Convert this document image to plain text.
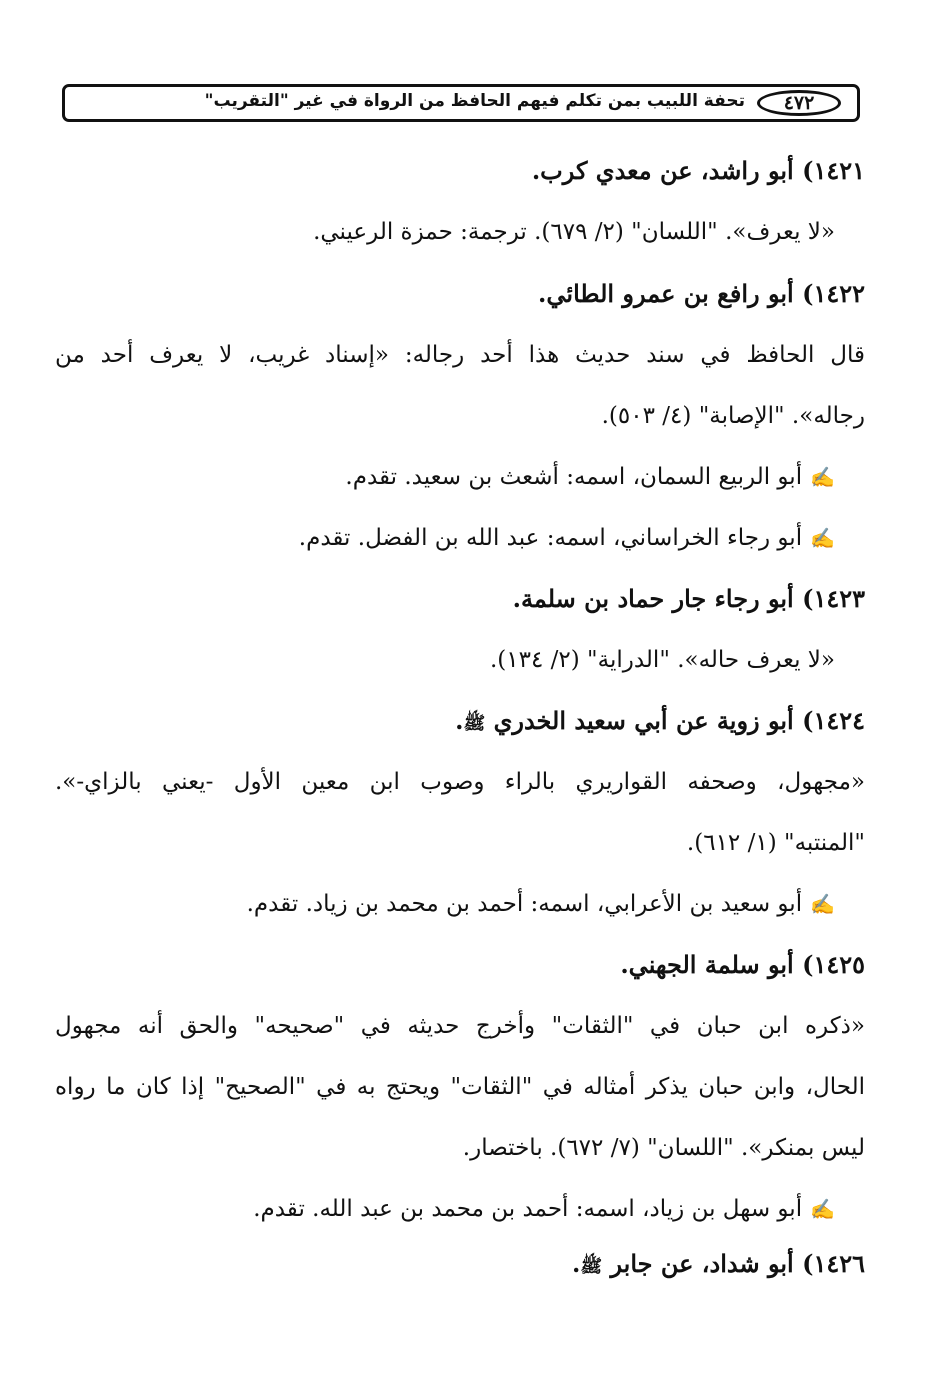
٤٧٢
تحفة اللبيب بمن تكلم فيهم الحافظ من الرواة في غير "التقريب"
١٤٢١) أبو راشد، عن معدي كرب.
«لا يعرف». "اللسان" (٢/ ٦٧٩). ترجمة: حمزة الرعيني.
١٤٢٢) أبو رافع بن عمرو الطائي.
قال الحافظ في سند حديث هذا أحد رجاله: «إسناد غريب، لا يعرف أحد من
رجاله». "الإصابة" (٤/ ٥٠٣).
✍أبو الربيع السمان، اسمه: أشعث بن سعيد. تقدم.
✍أبو رجاء الخراساني، اسمه: عبد الله بن الفضل. تقدم.
١٤٢٣) أبو رجاء جار حماد بن سلمة.
«لا يعرف حاله». "الدراية" (٢/ ١٣٤).
١٤٢٤) أبو زوية عن أبي سعيد الخدري ﷺ.
«مجهول، وصحفه القواريري بالراء وصوب ابن معين الأول -يعني بالزاي-».
"المنتبه" (١/ ٦١٢).
✍أبو سعيد بن الأعرابي، اسمه: أحمد بن محمد بن زياد. تقدم.
١٤٢٥) أبو سلمة الجهني.
«ذكره ابن حبان في "الثقات" وأخرج حديثه في "صحيحه" والحق أنه مجهول
الحال، وابن حبان يذكر أمثاله في "الثقات" ويحتج به في "الصحيح" إذا كان ما رواه
ليس بمنكر». "اللسان" (٧/ ٦٧٢). باختصار.
✍أبو سهل بن زياد، اسمه: أحمد بن محمد بن عبد الله. تقدم.
١٤٢٦) أبو شداد، عن جابر ﷺ.
